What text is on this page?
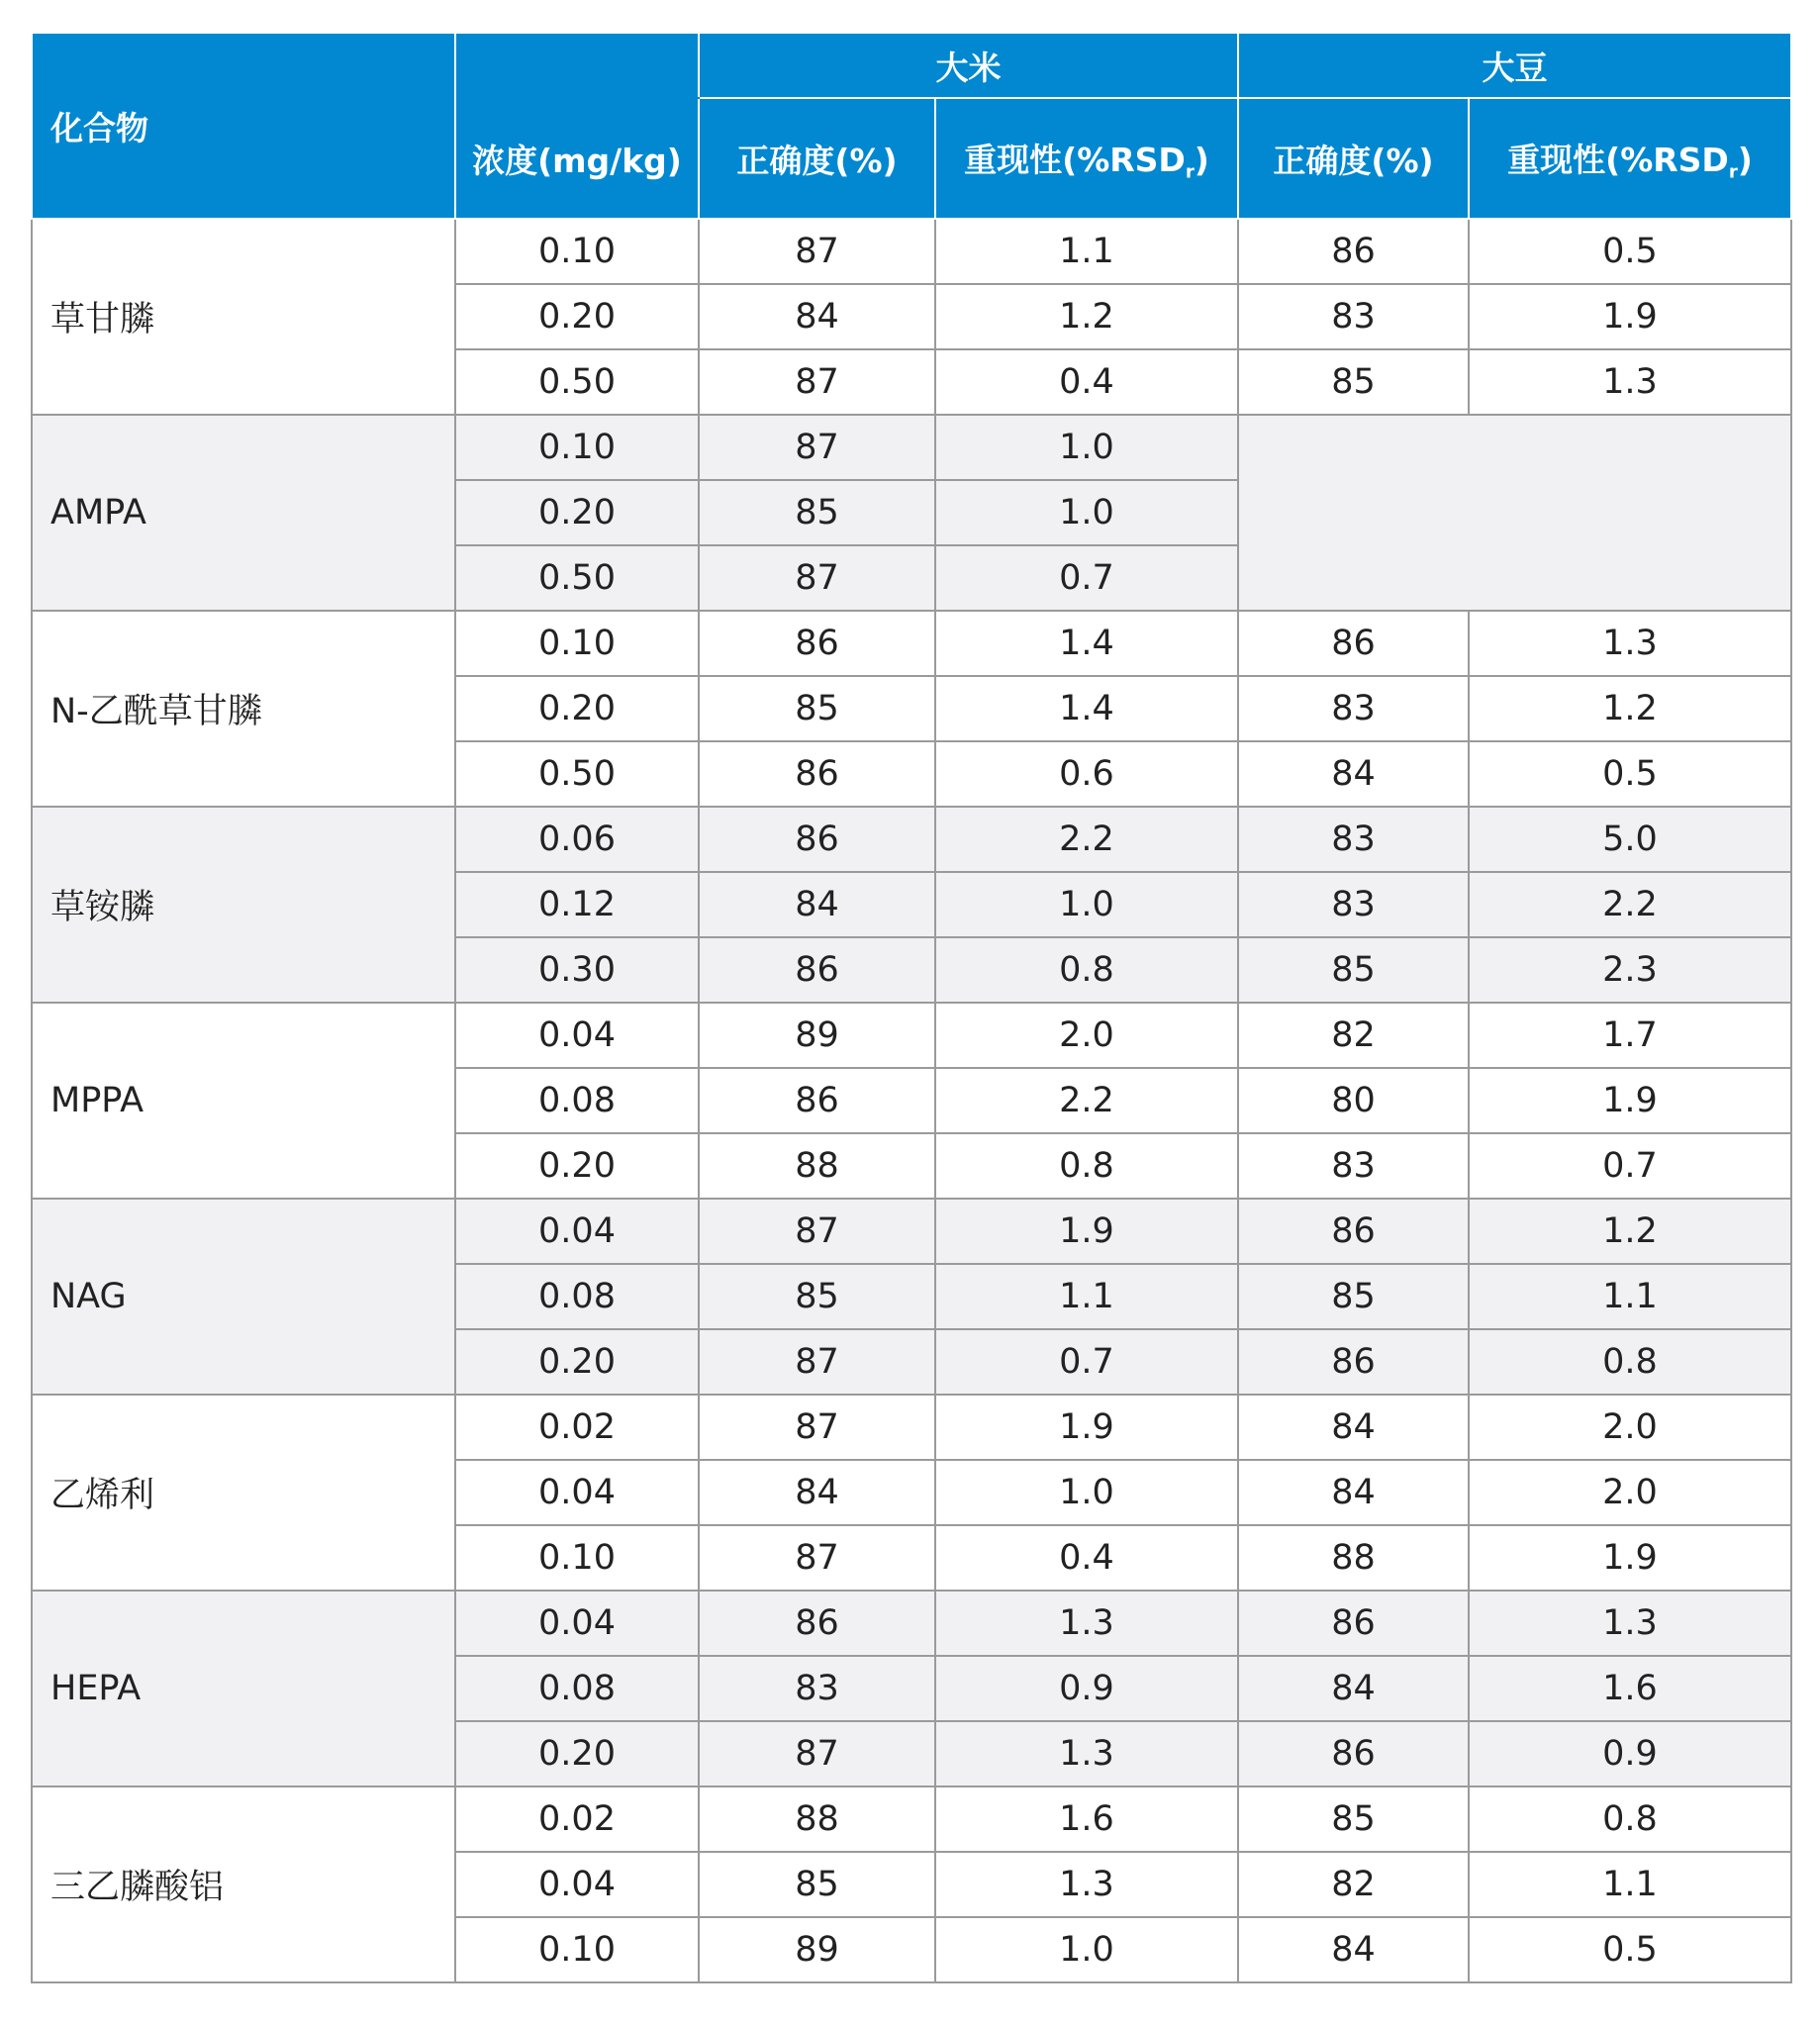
化合物		大米		大豆	
	浓度(mg/kg)	正确度(%)	重现性$(\%RSD_r)$	正确度(%)	重现性$(\%RSD_r)$
草甘膦	0.10	87	1.1	86	0.5
	0.20	84	1.2	83	1.9
	0.50	87	0.4	85	1.3
AMPA	0.10	87	1.0		
	0.20	85	1.0		
	0.50	87	0.7		
N-乙酰草甘膦	0.10	86	1.4	86	1.3
	0.20	85	1.4	83	1.2
	0.50	86	0.6	84	0.5
草铵膦	0.06	86	2.2	83	5.0
	0.12	84	1.0	83	2.2
	0.30	86	0.8	85	2.3
MPPA	0.04	89	2.0	82	1.7
	0.08	86	2.2	80	1.9
	0.20	88	0.8	83	0.7
NAG	0.04	87	1.9	86	1.2
	0.08	85	1.1	85	1.1
	0.20	87	0.7	86	0.8
乙烯利	0.02	87	1.9	84	2.0
	0.04	84	1.0	84	2.0
	0.10	87	0.4	88	1.9
HEPA	0.04	86	1.3	86	1.3
	0.08	83	0.9	84	1.6
	0.20	87	1.3	86	0.9
三乙膦酸铝	0.02	88	1.6	85	0.8
	0.04	85	1.3	82	1.1
	0.10	89	1.0	84	0.5
